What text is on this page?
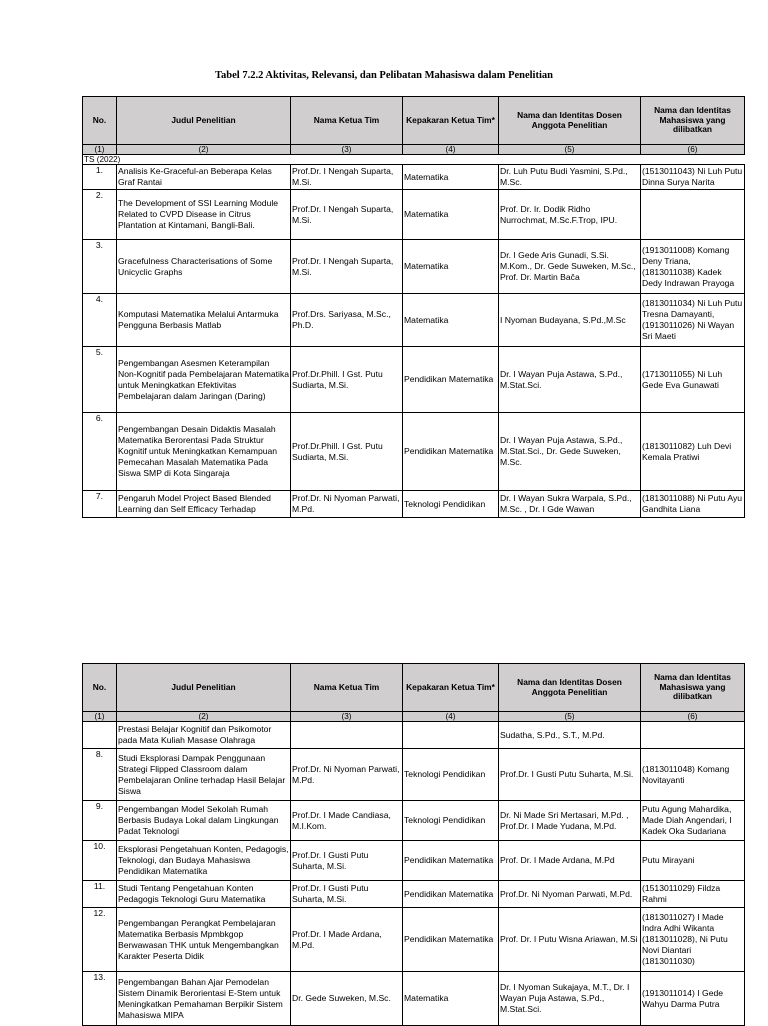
Tabel 7.2.2 Aktivitas, Relevansi, dan Pelibatan Mahasiswa dalam Penelitian
No.	Judul Penelitian	Nama Ketua Tim	Kepakaran Ketua Tim*	Nama dan Identitas Dosen Anggota Penelitian	Nama dan Identitas Mahasiswa yang dilibatkan
(1)	(2)	(3)	(4)	(5)	(6)
TS (2022)					
1.	Analisis Ke-Graceful-an Beberapa Kelas Graf Rantai	Prof.Dr. I Nengah Suparta, M.Si.	Matematika	Dr. Luh Putu Budi Yasmini, S.Pd., M.Sc.	(1513011043) Ni Luh Putu Dinna Surya Narita
2.	The Development of SSI Learning Module Related to CVPD Disease in Citrus Plantation at Kintamani, Bangli-Bali.	Prof.Dr. I Nengah Suparta, M.Si.	Matematika	Prof. Dr. Ir. Dodik Ridho Nurrochmat, M.Sc.F.Trop, IPU.	
3.	Gracefulness Characterisations of Some Unicyclic Graphs	Prof.Dr. I Nengah Suparta, M.Si.	Matematika	Dr. I Gede Aris Gunadi, S.Si. M.Kom., Dr. Gede Suweken, M.Sc., Prof. Dr. Martin Bača	(1913011008) Komang Deny Triana, (1813011038) Kadek Dedy Indrawan Prayoga
4.	Komputasi Matematika Melalui Antarmuka Pengguna Berbasis Matlab	Prof.Drs. Sariyasa, M.Sc., Ph.D.	Matematika	I Nyoman Budayana, S.Pd.,M.Sc	(1813011034) Ni Luh Putu Tresna Damayanti, (1913011026) Ni Wayan Sri Maeti
5.	Pengembangan Asesmen Keterampilan Non-Kognitif pada Pembelajaran Matematika untuk Meningkatkan Efektivitas Pembelajaran dalam Jaringan (Daring)	Prof.Dr.Phill. I Gst. Putu Sudiarta, M.Si.	Pendidikan Matematika	Dr. I Wayan Puja Astawa, S.Pd., M.Stat.Sci.	(1713011055) Ni Luh Gede Eva Gunawati
6.	Pengembangan Desain Didaktis Masalah Matematika Berorentasi Pada Struktur Kognitif untuk Meningkatkan Kemampuan Pemecahan Masalah Matematika Pada Siswa SMP di Kota Singaraja	Prof.Dr.Phill. I Gst. Putu Sudiarta, M.Si.	Pendidikan Matematika	Dr. I Wayan Puja Astawa, S.Pd., M.Stat.Sci., Dr. Gede Suweken, M.Sc.	(1813011082) Luh Devi Kemala Pratiwi
7.	Pengaruh Model Project Based Blended Learning dan Self Efficacy Terhadap	Prof.Dr. Ni Nyoman Parwati, M.Pd.	Teknologi Pendidikan	Dr. I Wayan Sukra Warpala, S.Pd., M.Sc. , Dr. I Gde Wawan	(1813011088) Ni Putu Ayu Gandhita Liana
No.	Judul Penelitian	Nama Ketua Tim	Kepakaran Ketua Tim*	Nama dan Identitas Dosen Anggota Penelitian	Nama dan Identitas Mahasiswa yang dilibatkan
(1)	(2)	(3)	(4)	(5)	(6)
	Prestasi Belajar Kognitif dan Psikomotor pada Mata Kuliah Masase Olahraga			Sudatha, S.Pd., S.T., M.Pd.	
8.	Studi Eksplorasi Dampak Penggunaan Strategi Flipped Classroom dalam Pembelajaran Online terhadap Hasil Belajar Siswa	Prof.Dr. Ni Nyoman Parwati, M.Pd.	Teknologi Pendidikan	Prof.Dr. I Gusti Putu Suharta, M.Si.	(1813011048) Komang Novitayanti
9.	Pengembangan Model Sekolah Rumah Berbasis Budaya Lokal dalam Lingkungan Padat Teknologi	Prof.Dr. I Made Candiasa, M.I.Kom.	Teknologi Pendidikan	Dr. Ni Made Sri Mertasari, M.Pd. , Prof.Dr. I Made Yudana, M.Pd.	Putu Agung Mahardika, Made Diah Angendari, I Kadek Oka Sudariana
10.	Eksplorasi Pengetahuan Konten, Pedagogis, Teknologi, dan Budaya Mahasiswa Pendidikan Matematika	Prof.Dr. I Gusti Putu Suharta, M.Si.	Pendidikan Matematika	Prof. Dr. I Made Ardana, M.Pd	Putu Mirayani
11.	Studi Tentang Pengetahuan Konten Pedagogis Teknologi Guru Matematika	Prof.Dr. I Gusti Putu Suharta, M.Si.	Pendidikan Matematika	Prof.Dr. Ni Nyoman Parwati, M.Pd.	(1513011029) Fildza Rahmi
12.	Pengembangan Perangkat Pembelajaran Matematika Berbasis Mpmbkgop Berwawasan THK untuk Mengembangkan Karakter Peserta Didik	Prof.Dr. I Made Ardana, M.Pd.	Pendidikan Matematika	Prof. Dr. I Putu Wisna Ariawan, M.Si	(1813011027) I Made Indra Adhi Wikanta (1813011028), Ni Putu Novi Diantari (1813011030)
13.	Pengembangan Bahan Ajar Pemodelan Sistem Dinamik Berorientasi E-Stem untuk Meningkatkan Pemahaman Berpikir Sistem Mahasiswa MIPA	Dr. Gede Suweken, M.Sc.	Matematika	Dr. I Nyoman Sukajaya, M.T., Dr. I Wayan Puja Astawa, S.Pd., M.Stat.Sci.	(1913011014) I Gede Wahyu Darma Putra
